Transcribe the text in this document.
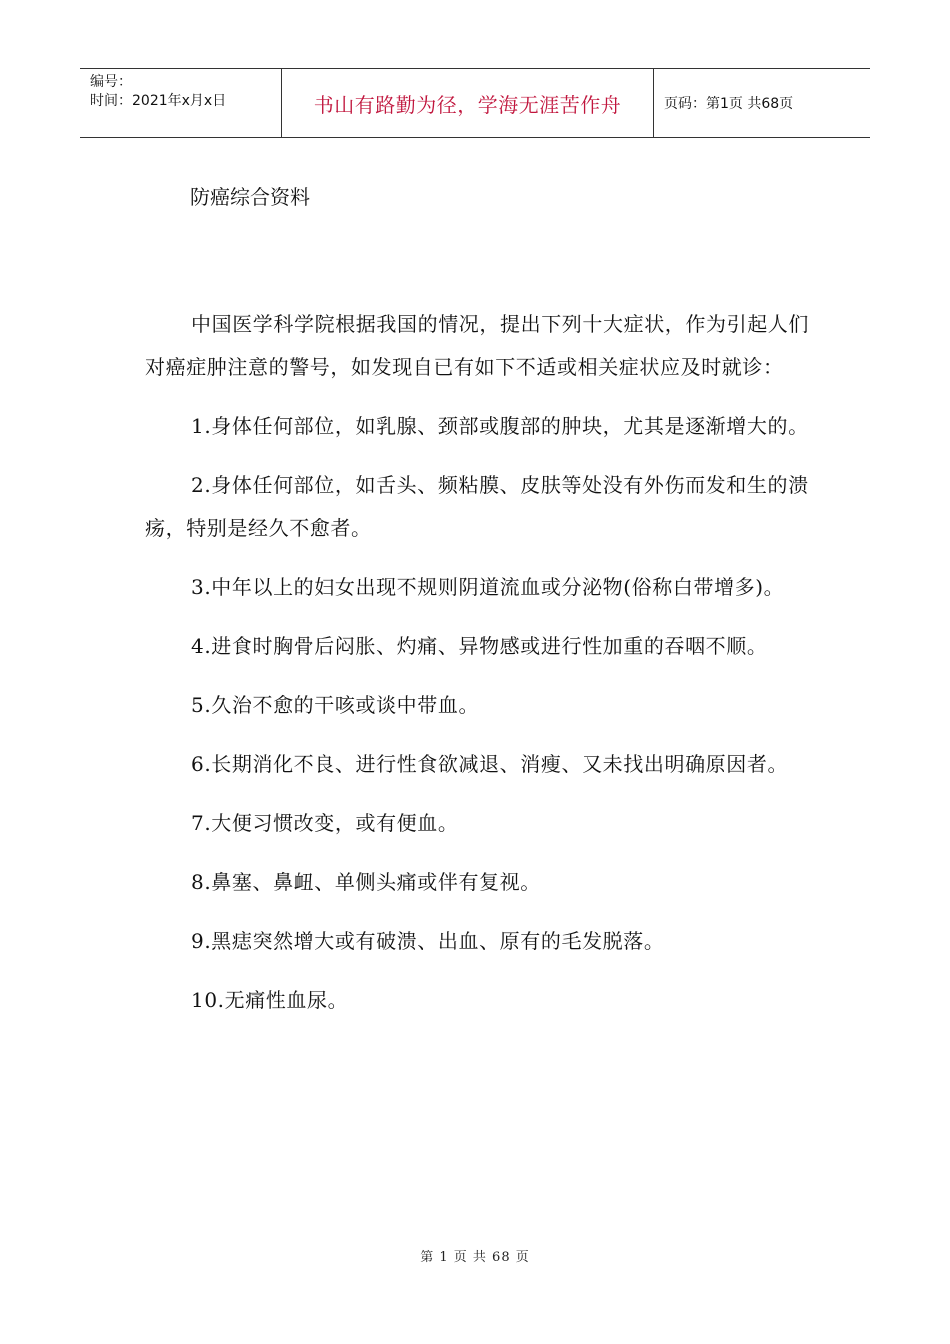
编号：
时间：2021年x月x日	书山有路勤为径，学海无涯苦作舟	页码：第1页 共68页
防癌综合资料

中国医学科学院根据我国的情况，提出下列十大症状，作为引起人们对癌症肿注意的警号，如发现自已有如下不适或相关症状应及时就诊：

1.身体任何部位，如乳腺、颈部或腹部的肿块，尤其是逐渐增大的。

2.身体任何部位，如舌头、频粘膜、皮肤等处没有外伤而发和生的溃疡，特别是经久不愈者。

3.中年以上的妇女出现不规则阴道流血或分泌物(俗称白带增多)。

4.进食时胸骨后闷胀、灼痛、异物感或进行性加重的吞咽不顺。

5.久治不愈的干咳或谈中带血。

6.长期消化不良、进行性食欲减退、消瘦、又未找出明确原因者。

7.大便习惯改变，或有便血。

8.鼻塞、鼻衄、单侧头痛或伴有复视。

9.黑痣突然增大或有破溃、出血、原有的毛发脱落。

10.无痛性血尿。

第 1 页 共 68 页
